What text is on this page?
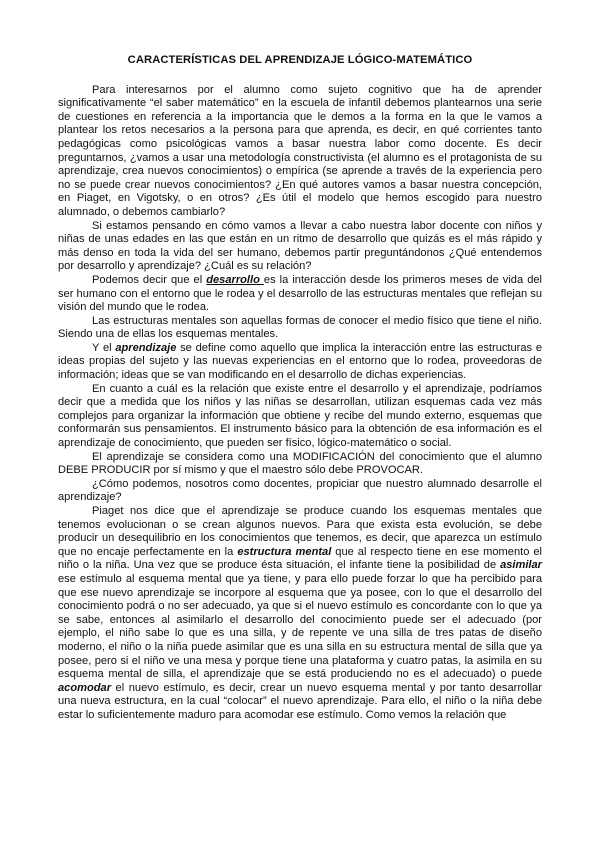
CARACTERÍSTICAS DEL APRENDIZAJE LÓGICO-MATEMÁTICO

Para interesarnos por el alumno como sujeto cognitivo que ha de aprender significativamente “el saber matemático” en la escuela de infantil debemos plantearnos una serie de cuestiones en referencia a la importancia que le demos a la forma en la que le vamos a plantear los retos necesarios a la persona para que aprenda, es decir, en qué corrientes tanto pedagógicas como psicológicas vamos a basar nuestra labor como docente. Es decir preguntarnos, ¿vamos a usar una metodología constructivista (el alumno es el protagonista de su aprendizaje, crea nuevos conocimientos) o empírica (se aprende a través de la experiencia pero no se puede crear nuevos conocimientos? ¿En qué autores vamos a basar nuestra concepción, en Piaget, en Vigotsky, o en otros? ¿Es útil el modelo que hemos escogido para nuestro alumnado, o debemos cambiarlo?

Si estamos pensando en cómo vamos a llevar a cabo nuestra labor docente con niños y niñas de unas edades en las que están en un ritmo de desarrollo que quizás es el más rápido y más denso en toda la vida del ser humano, debemos partir preguntándonos ¿Qué entendemos por desarrollo y aprendizaje? ¿Cuál es su relación?

Podemos decir que el desarrollo es la interacción desde los primeros meses de vida del ser humano con el entorno que le rodea y el desarrollo de las estructuras mentales que reflejan su visión del mundo que le rodea.

Las estructuras mentales son aquellas formas de conocer el medio físico que tiene el niño. Siendo una de ellas los esquemas mentales.

Y el aprendizaje se define como aquello que implica la interacción entre las estructuras e ideas propias del sujeto y las nuevas experiencias en el entorno que lo rodea, proveedoras de información; ideas que se van modificando en el desarrollo de dichas experiencias.

En cuanto a cuál es la relación que existe entre el desarrollo y el aprendizaje, podríamos decir que a medida que los niños y las niñas se desarrollan, utilizan esquemas cada vez más complejos para organizar la información que obtiene y recibe del mundo externo, esquemas que conformarán sus pensamientos. El instrumento básico para la obtención de esa información es el aprendizaje de conocimiento, que pueden ser físico, lógico-matemático o social.

El aprendizaje se considera como una MODIFICACIÓN del conocimiento que el alumno DEBE PRODUCIR por sí mismo y que el maestro sólo debe PROVOCAR.

¿Cómo podemos, nosotros como docentes, propiciar que nuestro alumnado desarrolle el aprendizaje?

Piaget nos dice que el aprendizaje se produce cuando los esquemas mentales que tenemos evolucionan o se crean algunos nuevos. Para que exista esta evolución, se debe producir un desequilibrio en los conocimientos que tenemos, es decir, que aparezca un estímulo que no encaje perfectamente en la estructura mental que al respecto tiene en ese momento el niño o la niña. Una vez que se produce ésta situación, el infante tiene la posibilidad de asimilar ese estímulo al esquema mental que ya tiene, y para ello puede forzar lo que ha percibido para que ese nuevo aprendizaje se incorpore al esquema que ya posee, con lo que el desarrollo del conocimiento podrá o no ser adecuado, ya que si el nuevo estímulo es concordante con lo que ya se sabe, entonces al asimilarlo el desarrollo del conocimiento puede ser el adecuado (por ejemplo, el niño sabe lo que es una silla, y de repente ve una silla de tres patas de diseño moderno, el niño o la niña puede asimilar que es una silla en su estructura mental de silla que ya posee, pero si el niño ve una mesa y porque tiene una plataforma y cuatro patas, la asimila en su esquema mental de silla, el aprendizaje que se está produciendo no es el adecuado) o puede acomodar el nuevo estímulo, es decir, crear un nuevo esquema mental y por tanto desarrollar una nueva estructura, en la cual “colocar” el nuevo aprendizaje. Para ello, el niño o la niña debe estar lo suficientemente maduro para acomodar ese estímulo. Como vemos la relación que
